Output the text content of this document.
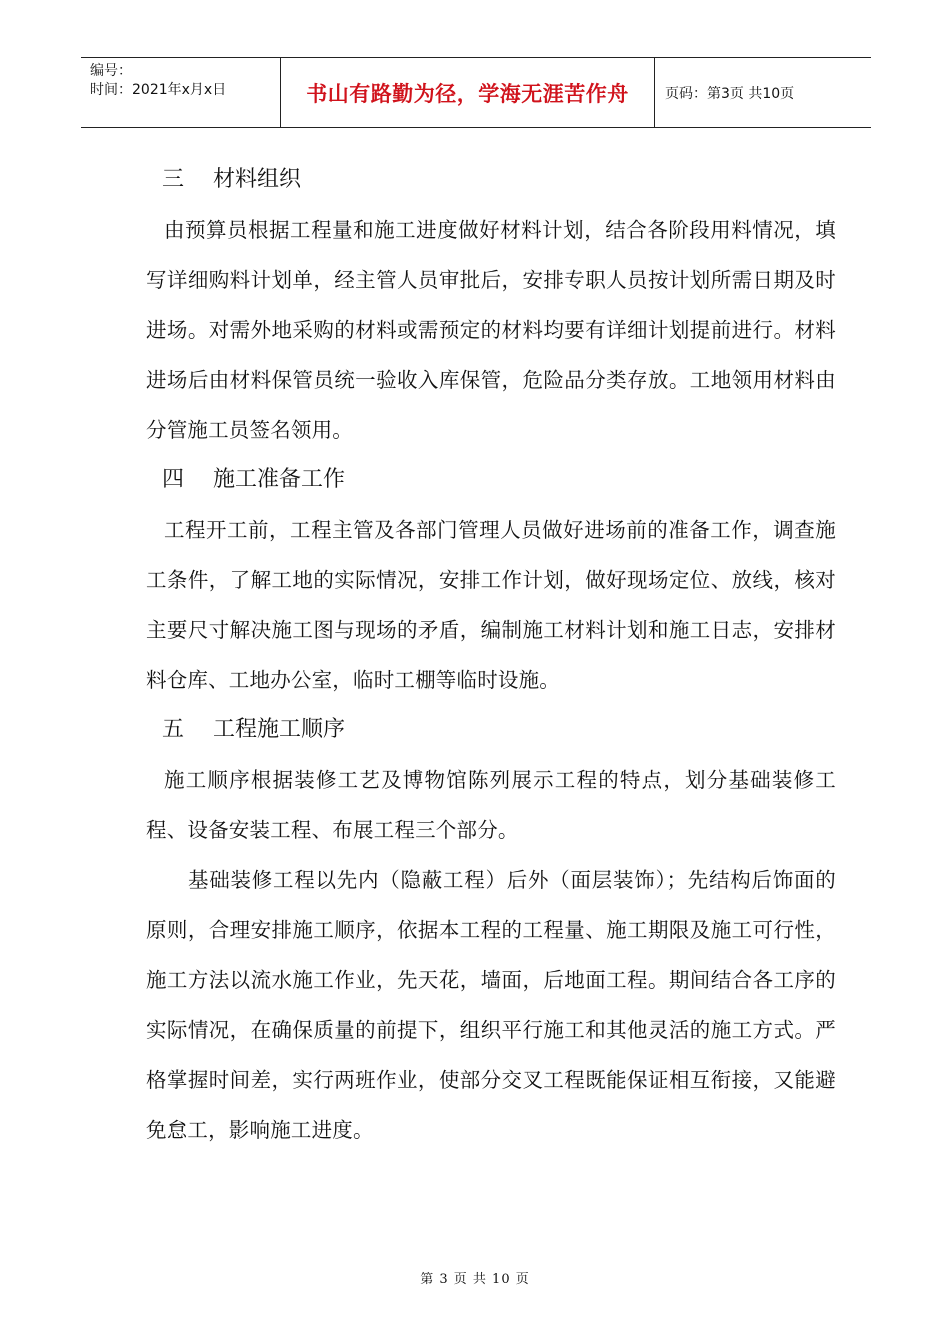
编号：
时间：2021年x月x日	书山有路勤为径，学海无涯苦作舟	页码：第3页 共10页
三	材料组织

由预算员根据工程量和施工进度做好材料计划，结合各阶段用料情况，填写详细购料计划单，经主管人员审批后，安排专职人员按计划所需日期及时进场。对需外地采购的材料或需预定的材料均要有详细计划提前进行。材料进场后由材料保管员统一验收入库保管，危险品分类存放。工地领用材料由分管施工员签名领用。

四	施工准备工作

工程开工前，工程主管及各部门管理人员做好进场前的准备工作，调查施工条件，了解工地的实际情况，安排工作计划，做好现场定位、放线，核对主要尺寸解决施工图与现场的矛盾，编制施工材料计划和施工日志，安排材料仓库、工地办公室，临时工棚等临时设施。

五	工程施工顺序

施工顺序根据装修工艺及博物馆陈列展示工程的特点，划分基础装修工程、设备安装工程、布展工程三个部分。

基础装修工程以先内（隐蔽工程）后外（面层装饰）；先结构后饰面的原则，合理安排施工顺序，依据本工程的工程量、施工期限及施工可行性，施工方法以流水施工作业，先天花，墙面，后地面工程。期间结合各工序的实际情况，在确保质量的前提下，组织平行施工和其他灵活的施工方式。严格掌握时间差，实行两班作业，使部分交叉工程既能保证相互衔接，又能避免怠工，影响施工进度。

第 3 页 共 10 页
